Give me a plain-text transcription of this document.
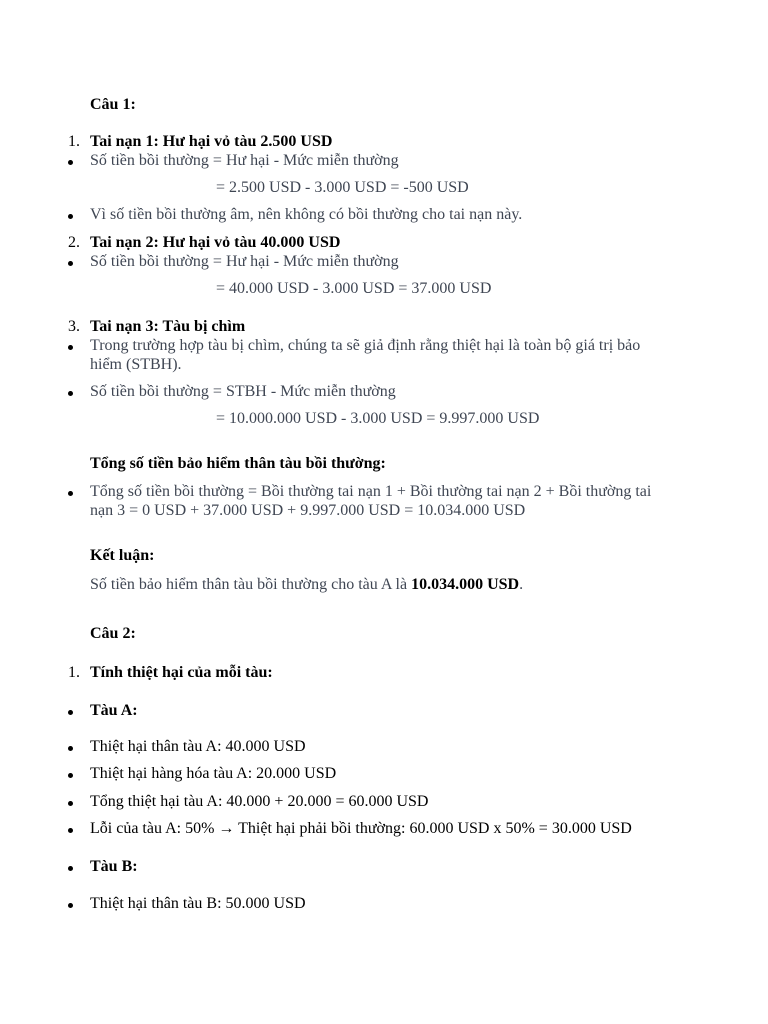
Câu 1:
1. Tai nạn 1: Hư hại vỏ tàu 2.500 USD
Số tiền bồi thường = Hư hại - Mức miễn thường
= 2.500 USD - 3.000 USD = -500 USD
Vì số tiền bồi thường âm, nên không có bồi thường cho tai nạn này.
2. Tai nạn 2: Hư hại vỏ tàu 40.000 USD
Số tiền bồi thường = Hư hại - Mức miễn thường
= 40.000 USD - 3.000 USD = 37.000 USD
3. Tai nạn 3: Tàu bị chìm
Trong trường hợp tàu bị chìm, chúng ta sẽ giả định rằng thiệt hại là toàn bộ giá trị bảo hiểm (STBH).
Số tiền bồi thường = STBH - Mức miễn thường
= 10.000.000 USD - 3.000 USD = 9.997.000 USD
Tổng số tiền bảo hiểm thân tàu bồi thường:
Tổng số tiền bồi thường = Bồi thường tai nạn 1 + Bồi thường tai nạn 2 + Bồi thường tai nạn 3 = 0 USD + 37.000 USD + 9.997.000 USD = 10.034.000 USD
Kết luận:
Số tiền bảo hiểm thân tàu bồi thường cho tàu A là 10.034.000 USD.
Câu 2:
1. Tính thiệt hại của mỗi tàu:
Tàu A:
Thiệt hại thân tàu A: 40.000 USD
Thiệt hại hàng hóa tàu A: 20.000 USD
Tổng thiệt hại tàu A: 40.000 + 20.000 = 60.000 USD
Lỗi của tàu A: 50% → Thiệt hại phải bồi thường: 60.000 USD x 50% = 30.000 USD
Tàu B:
Thiệt hại thân tàu B: 50.000 USD
